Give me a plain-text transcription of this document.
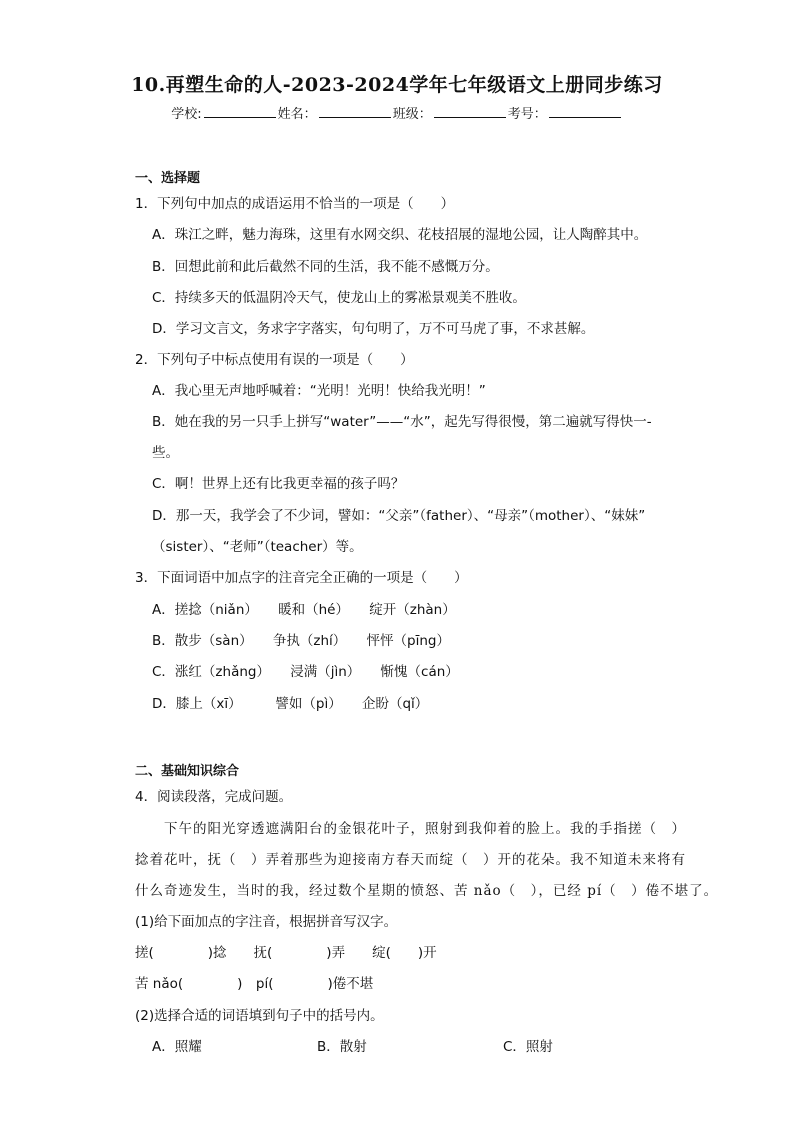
10.再塑生命的人-2023-2024学年七年级语文上册同步练习
学校:	姓名：	班级：	考号：
一、选择题
1．下列句中加点的成语运用不恰当的一项是（　　）
A．珠江之畔，魅力海珠，这里有水网交织、花枝招展的湿地公园，让人陶醉其中。
B．回想此前和此后截然不同的生活，我不能不感慨万分。
C．持续多天的低温阴冷天气，使龙山上的雾凇景观美不胜收。
D．学习文言文，务求字字落实，句句明了，万不可马虎了事，不求甚解。
2．下列句子中标点使用有误的一项是（　　）
A．我心里无声地呼喊着：“光明！光明！快给我光明！”
B．她在我的另一只手上拼写“water”——“水”，起先写得很慢，第二遍就写得快一-
些。
C．啊！世界上还有比我更幸福的孩子吗？
D．那一天，我学会了不少词，譬如：“父亲”（father）、“母亲”（mother）、“妹妹”
（sister）、“老师”（teacher）等。
3．下面词语中加点字的注音完全正确的一项是（　　）
A．搓捻（niǎn）　　暖和（hé）　　绽开（zhàn）
B．散步（sàn）　　争执（zhí）　　怦怦（pīng）
C．涨红（zhǎng）　　浸满（jìn）　　惭愧（cán）
D．膝上（xī）　　　譬如（pì）　　企盼（qǐ）
二、基础知识综合
4．阅读段落，完成问题。
　　下午的阳光穿透遮满阳台的金银花叶子，照射到我仰着的脸上。我的手指搓（　）
捻着花叶，抚（　）弄着那些为迎接南方春天而绽（　）开的花朵。我不知道未来将有
什么奇迹发生，当时的我，经过数个星期的愤怒、苦 nǎo（　），已经 pí（　）倦不堪了。
(1)给下面加点的字注音，根据拼音写汉字。
搓(　　　　)捻　　抚(　　　　)弄　　绽(　　)开
苦 nǎo(　　　　)　pí(　　　　)倦不堪
(2)选择合适的词语填到句子中的括号内。
A．照耀	B．散射	C．照射
